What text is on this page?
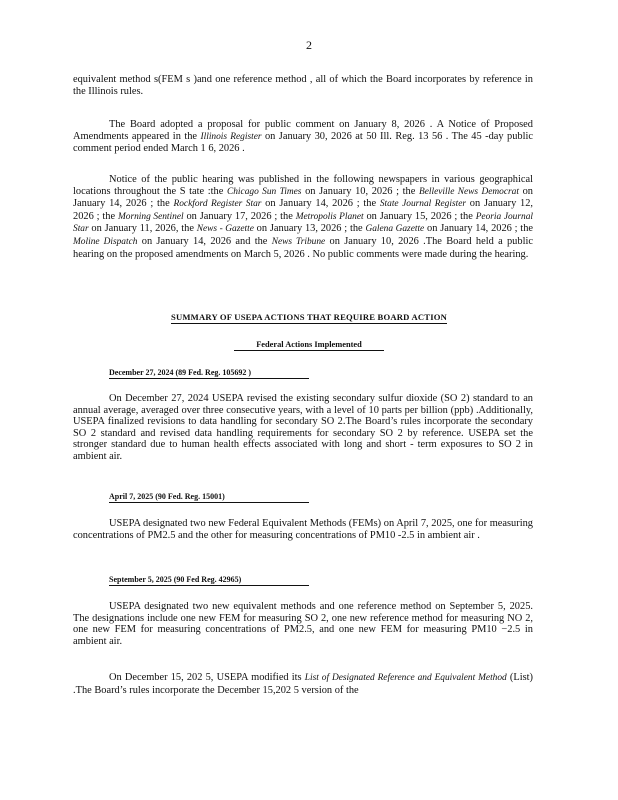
2

equivalent method s(FEM s )and one reference method , all of which the Board incorporates by reference in the Illinois rules.

The Board adopted a proposal for public comment on January 8, 2026 . A Notice of Proposed Amendments appeared in the Illinois Register on January 30, 2026 at 50 Ill. Reg. 13 56 . The 45 -day public comment period ended March 1 6, 2026 .

Notice of the public hearing was published in the following newspapers in various geographical locations throughout the S tate :the Chicago Sun Times on January 10, 2026 ; the Belleville News Democrat on January 14, 2026 ; the Rockford Register Star on January 14, 2026 ; the State Journal Register on January 12, 2026 ; the Morning Sentinel on January 17, 2026 ; the Metropolis Planet on January 15, 2026 ; the Peoria Journal Star on January 11, 2026, the News - Gazette on January 13, 2026 ; the Galena Gazette on January 14, 2026 ; the Moline Dispatch on January 14, 2026 and the News Tribune on January 10, 2026 .The Board held a public hearing on the proposed amendments on March 5, 2026 . No public comments were made during the hearing.

SUMMARY OF USEPA ACTIONS THAT REQUIRE BOARD ACTION
Federal Actions Implemented
December 27, 2024 (89 Fed. Reg. 105692 )

On December 27, 2024 USEPA revised the existing secondary sulfur dioxide (SO 2) standard to an annual average, averaged over three consecutive years, with a level of 10 parts per billion (ppb) .Additionally, USEPA finalized revisions to data handling for secondary SO 2.The Board’s rules incorporate the secondary SO 2 standard and revised data handling requirements for secondary SO 2 by reference. USEPA set the stronger standard due to human health effects associated with long and short - term exposures to SO 2 in ambient air.

April 7, 2025 (90 Fed. Reg. 15001)

USEPA designated two new Federal Equivalent Methods (FEMs) on April 7, 2025, one for measuring concentrations of PM2.5 and the other for measuring concentrations of PM10 -2.5 in ambient air .

September 5, 2025 (90 Fed Reg. 42965)

USEPA designated two new equivalent methods and one reference method on September 5, 2025. The designations include one new FEM for measuring SO 2, one new reference method for measuring NO 2, one new FEM for measuring concentrations of PM2.5, and one new FEM for measuring PM10 −2.5 in ambient air.

On December 15, 202 5, USEPA modified its List of Designated Reference and Equivalent Method (List) .The Board’s rules incorporate the December 15,202 5 version of the
